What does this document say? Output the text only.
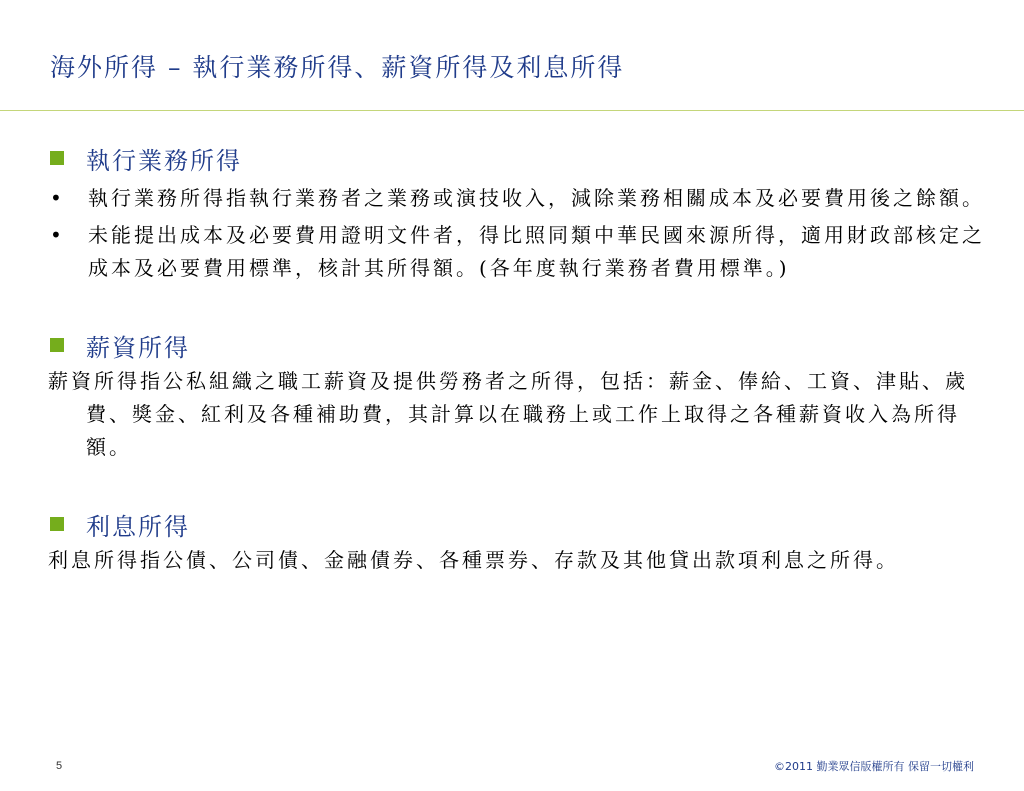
海外所得 – 執行業務所得、薪資所得及利息所得
執行業務所得
•	執行業務所得指執行業務者之業務或演技收入，減除業務相關成本及必要費用後之餘額。
•	未能提出成本及必要費用證明文件者，得比照同類中華民國來源所得，適用財政部核定之成本及必要費用標準，核計其所得額。(各年度執行業務者費用標準。)
薪資所得
薪資所得指公私組織之職工薪資及提供勞務者之所得，包括：薪金、俸給、工資、津貼、歲費、獎金、紅利及各種補助費，其計算以在職務上或工作上取得之各種薪資收入為所得額。
利息所得
利息所得指公債、公司債、金融債券、各種票券、存款及其他貸出款項利息之所得。
5	©2011 勤業眾信版權所有 保留一切權利
